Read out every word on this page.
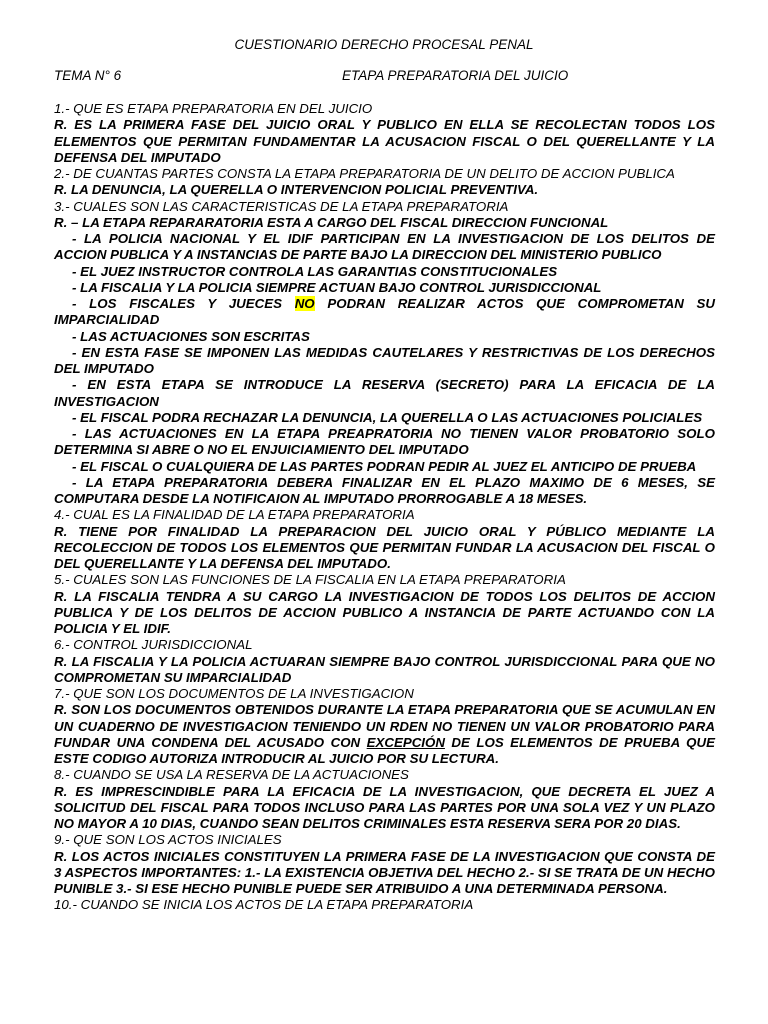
CUESTIONARIO DERECHO PROCESAL PENAL
TEMA N° 6	ETAPA PREPARATORIA DEL JUICIO

1.- QUE ES ETAPA PREPARATORIA EN DEL JUICIO

R. ES LA PRIMERA FASE DEL JUICIO ORAL Y PUBLICO EN ELLA SE RECOLECTAN TODOS LOS ELEMENTOS QUE PERMITAN FUNDAMENTAR LA ACUSACION FISCAL O DEL QUERELLANTE Y LA DEFENSA DEL IMPUTADO

2.- DE CUANTAS PARTES CONSTA LA ETAPA PREPARATORIA DE UN DELITO DE ACCION PUBLICA

R. LA DENUNCIA, LA QUERELLA O INTERVENCION POLICIAL PREVENTIVA.

3.- CUALES SON LAS CARACTERISTICAS DE LA ETAPA PREPARATORIA

R. – LA ETAPA REPARARATORIA ESTA A CARGO DEL FISCAL DIRECCION FUNCIONAL

- LA POLICIA NACIONAL Y EL IDIF PARTICIPAN EN LA INVESTIGACION DE LOS DELITOS DE ACCION PUBLICA Y A INSTANCIAS DE PARTE BAJO LA DIRECCION DEL MINISTERIO PUBLICO

- EL JUEZ INSTRUCTOR CONTROLA LAS GARANTIAS CONSTITUCIONALES

- LA FISCALIA Y LA POLICIA SIEMPRE ACTUAN BAJO CONTROL JURISDICCIONAL

- LOS FISCALES Y JUECES NO PODRAN REALIZAR ACTOS QUE COMPROMETAN SU IMPARCIALIDAD

- LAS ACTUACIONES SON ESCRITAS

- EN ESTA FASE SE IMPONEN LAS MEDIDAS CAUTELARES Y RESTRICTIVAS DE LOS DERECHOS DEL IMPUTADO

- EN ESTA ETAPA SE INTRODUCE LA RESERVA (SECRETO) PARA LA EFICACIA DE LA INVESTIGACION

- EL FISCAL PODRA RECHAZAR LA DENUNCIA, LA QUERELLA O LAS ACTUACIONES POLICIALES

- LAS ACTUACIONES EN LA ETAPA PREAPRATORIA NO TIENEN VALOR PROBATORIO SOLO DETERMINA SI ABRE O NO EL ENJUICIAMIENTO DEL IMPUTADO

- EL FISCAL O CUALQUIERA DE LAS PARTES PODRAN PEDIR AL JUEZ EL ANTICIPO DE PRUEBA

- LA ETAPA PREPARATORIA DEBERA FINALIZAR EN EL PLAZO MAXIMO DE 6 MESES, SE COMPUTARA DESDE LA NOTIFICAION AL IMPUTADO PRORROGABLE A 18 MESES.

4.- CUAL ES LA FINALIDAD DE LA ETAPA PREPARATORIA

R. TIENE POR FINALIDAD LA PREPARACION DEL JUICIO ORAL Y PÚBLICO MEDIANTE LA RECOLECCION DE TODOS LOS ELEMENTOS QUE PERMITAN FUNDAR LA ACUSACION DEL FISCAL O DEL QUERELLANTE Y LA DEFENSA DEL IMPUTADO.

5.- CUALES SON LAS FUNCIONES DE LA FISCALIA EN LA ETAPA PREPARATORIA

R. LA FISCALIA TENDRA A SU CARGO LA INVESTIGACION DE TODOS LOS DELITOS DE ACCION PUBLICA Y DE LOS DELITOS DE ACCION PUBLICO A INSTANCIA DE PARTE ACTUANDO CON LA POLICIA Y EL IDIF.

6.- CONTROL JURISDICCIONAL

R. LA FISCALIA Y LA POLICIA ACTUARAN SIEMPRE BAJO CONTROL JURISDICCIONAL PARA QUE NO COMPROMETAN SU IMPARCIALIDAD

7.- QUE SON LOS DOCUMENTOS DE LA INVESTIGACION

R. SON LOS DOCUMENTOS OBTENIDOS DURANTE LA ETAPA PREPARATORIA QUE SE ACUMULAN EN UN CUADERNO DE INVESTIGACION TENIENDO UN RDEN NO TIENEN UN VALOR PROBATORIO PARA FUNDAR UNA CONDENA DEL ACUSADO CON EXCEPCIÓN DE LOS ELEMENTOS DE PRUEBA QUE ESTE CODIGO AUTORIZA INTRODUCIR AL JUICIO POR SU LECTURA.

8.- CUANDO SE USA LA RESERVA DE LA ACTUACIONES

R. ES IMPRESCINDIBLE PARA LA EFICACIA DE LA INVESTIGACION, QUE DECRETA EL JUEZ A SOLICITUD DEL FISCAL PARA TODOS INCLUSO PARA LAS PARTES POR UNA SOLA VEZ Y UN PLAZO NO MAYOR A 10 DIAS, CUANDO SEAN DELITOS CRIMINALES ESTA RESERVA SERA POR 20 DIAS.

9.- QUE SON LOS ACTOS INICIALES

R. LOS ACTOS INICIALES CONSTITUYEN LA PRIMERA FASE DE LA INVESTIGACION QUE CONSTA DE 3 ASPECTOS IMPORTANTES: 1.- LA EXISTENCIA OBJETIVA DEL HECHO 2.- SI SE TRATA DE UN HECHO PUNIBLE 3.- SI ESE HECHO PUNIBLE PUEDE SER ATRIBUIDO A UNA DETERMINADA PERSONA.

10.- CUANDO SE INICIA LOS ACTOS DE LA ETAPA PREPARATORIA
